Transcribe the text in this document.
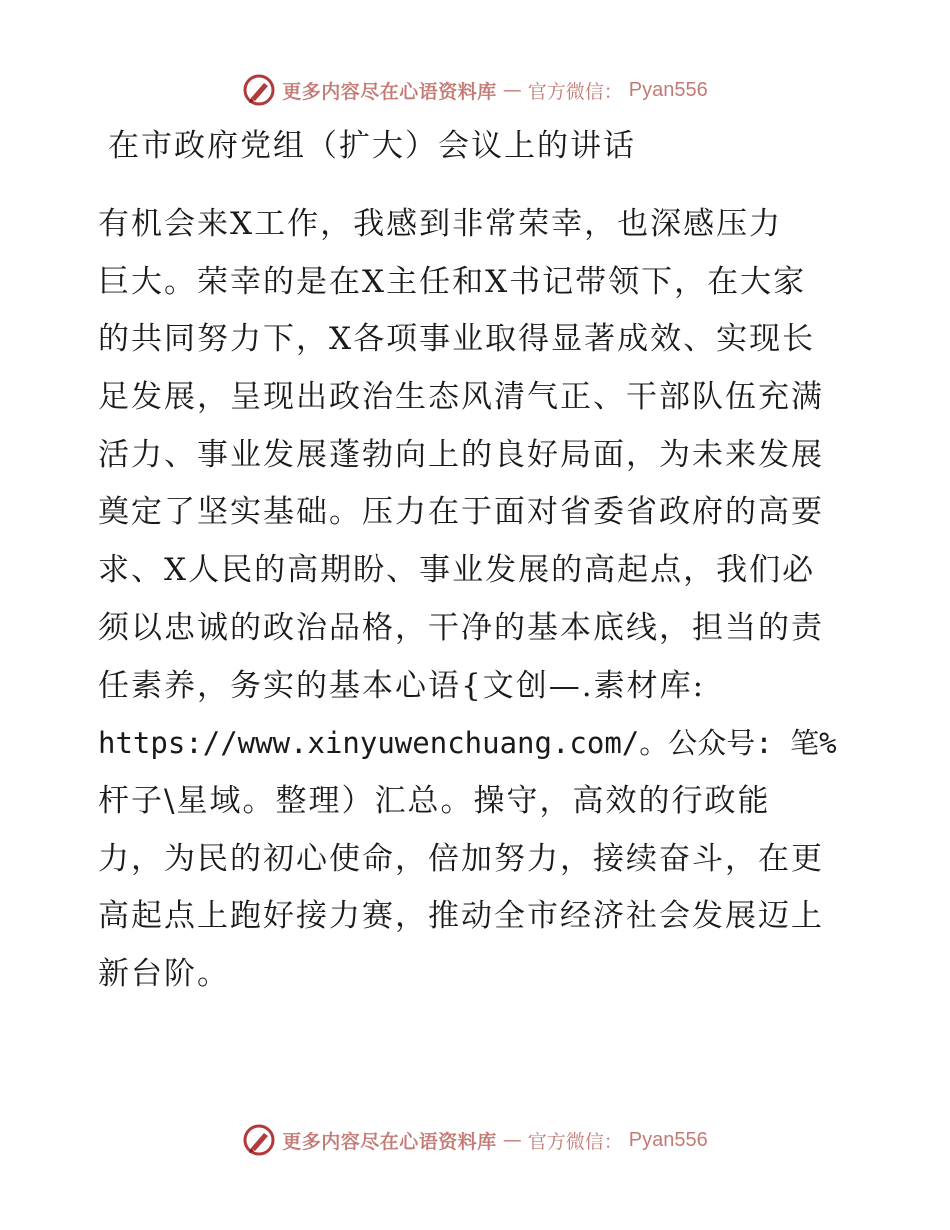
更多内容尽在心语资料库 — 官方微信： Pyan556
在市政府党组（扩大）会议上的讲话
有机会来X工作，我感到非常荣幸，也深感压力
巨大。荣幸的是在X主任和X书记带领下，在大家
的共同努力下，X各项事业取得显著成效、实现长
足发展，呈现出政治生态风清气正、干部队伍充满
活力、事业发展蓬勃向上的良好局面，为未来发展
奠定了坚实基础。压力在于面对省委省政府的高要
求、X人民的高期盼、事业发展的高起点，我们必
须以忠诚的政治品格，干净的基本底线，担当的责
任素养，务实的基本心语{文创—.素材库:
https://www.xinyuwenchuang.com/。公众号: 笔%
杆子\星域。整理）汇总。操守，高效的行政能
力，为民的初心使命，倍加努力，接续奋斗，在更
高起点上跑好接力赛，推动全市经济社会发展迈上
新台阶。
更多内容尽在心语资料库 — 官方微信： Pyan556
